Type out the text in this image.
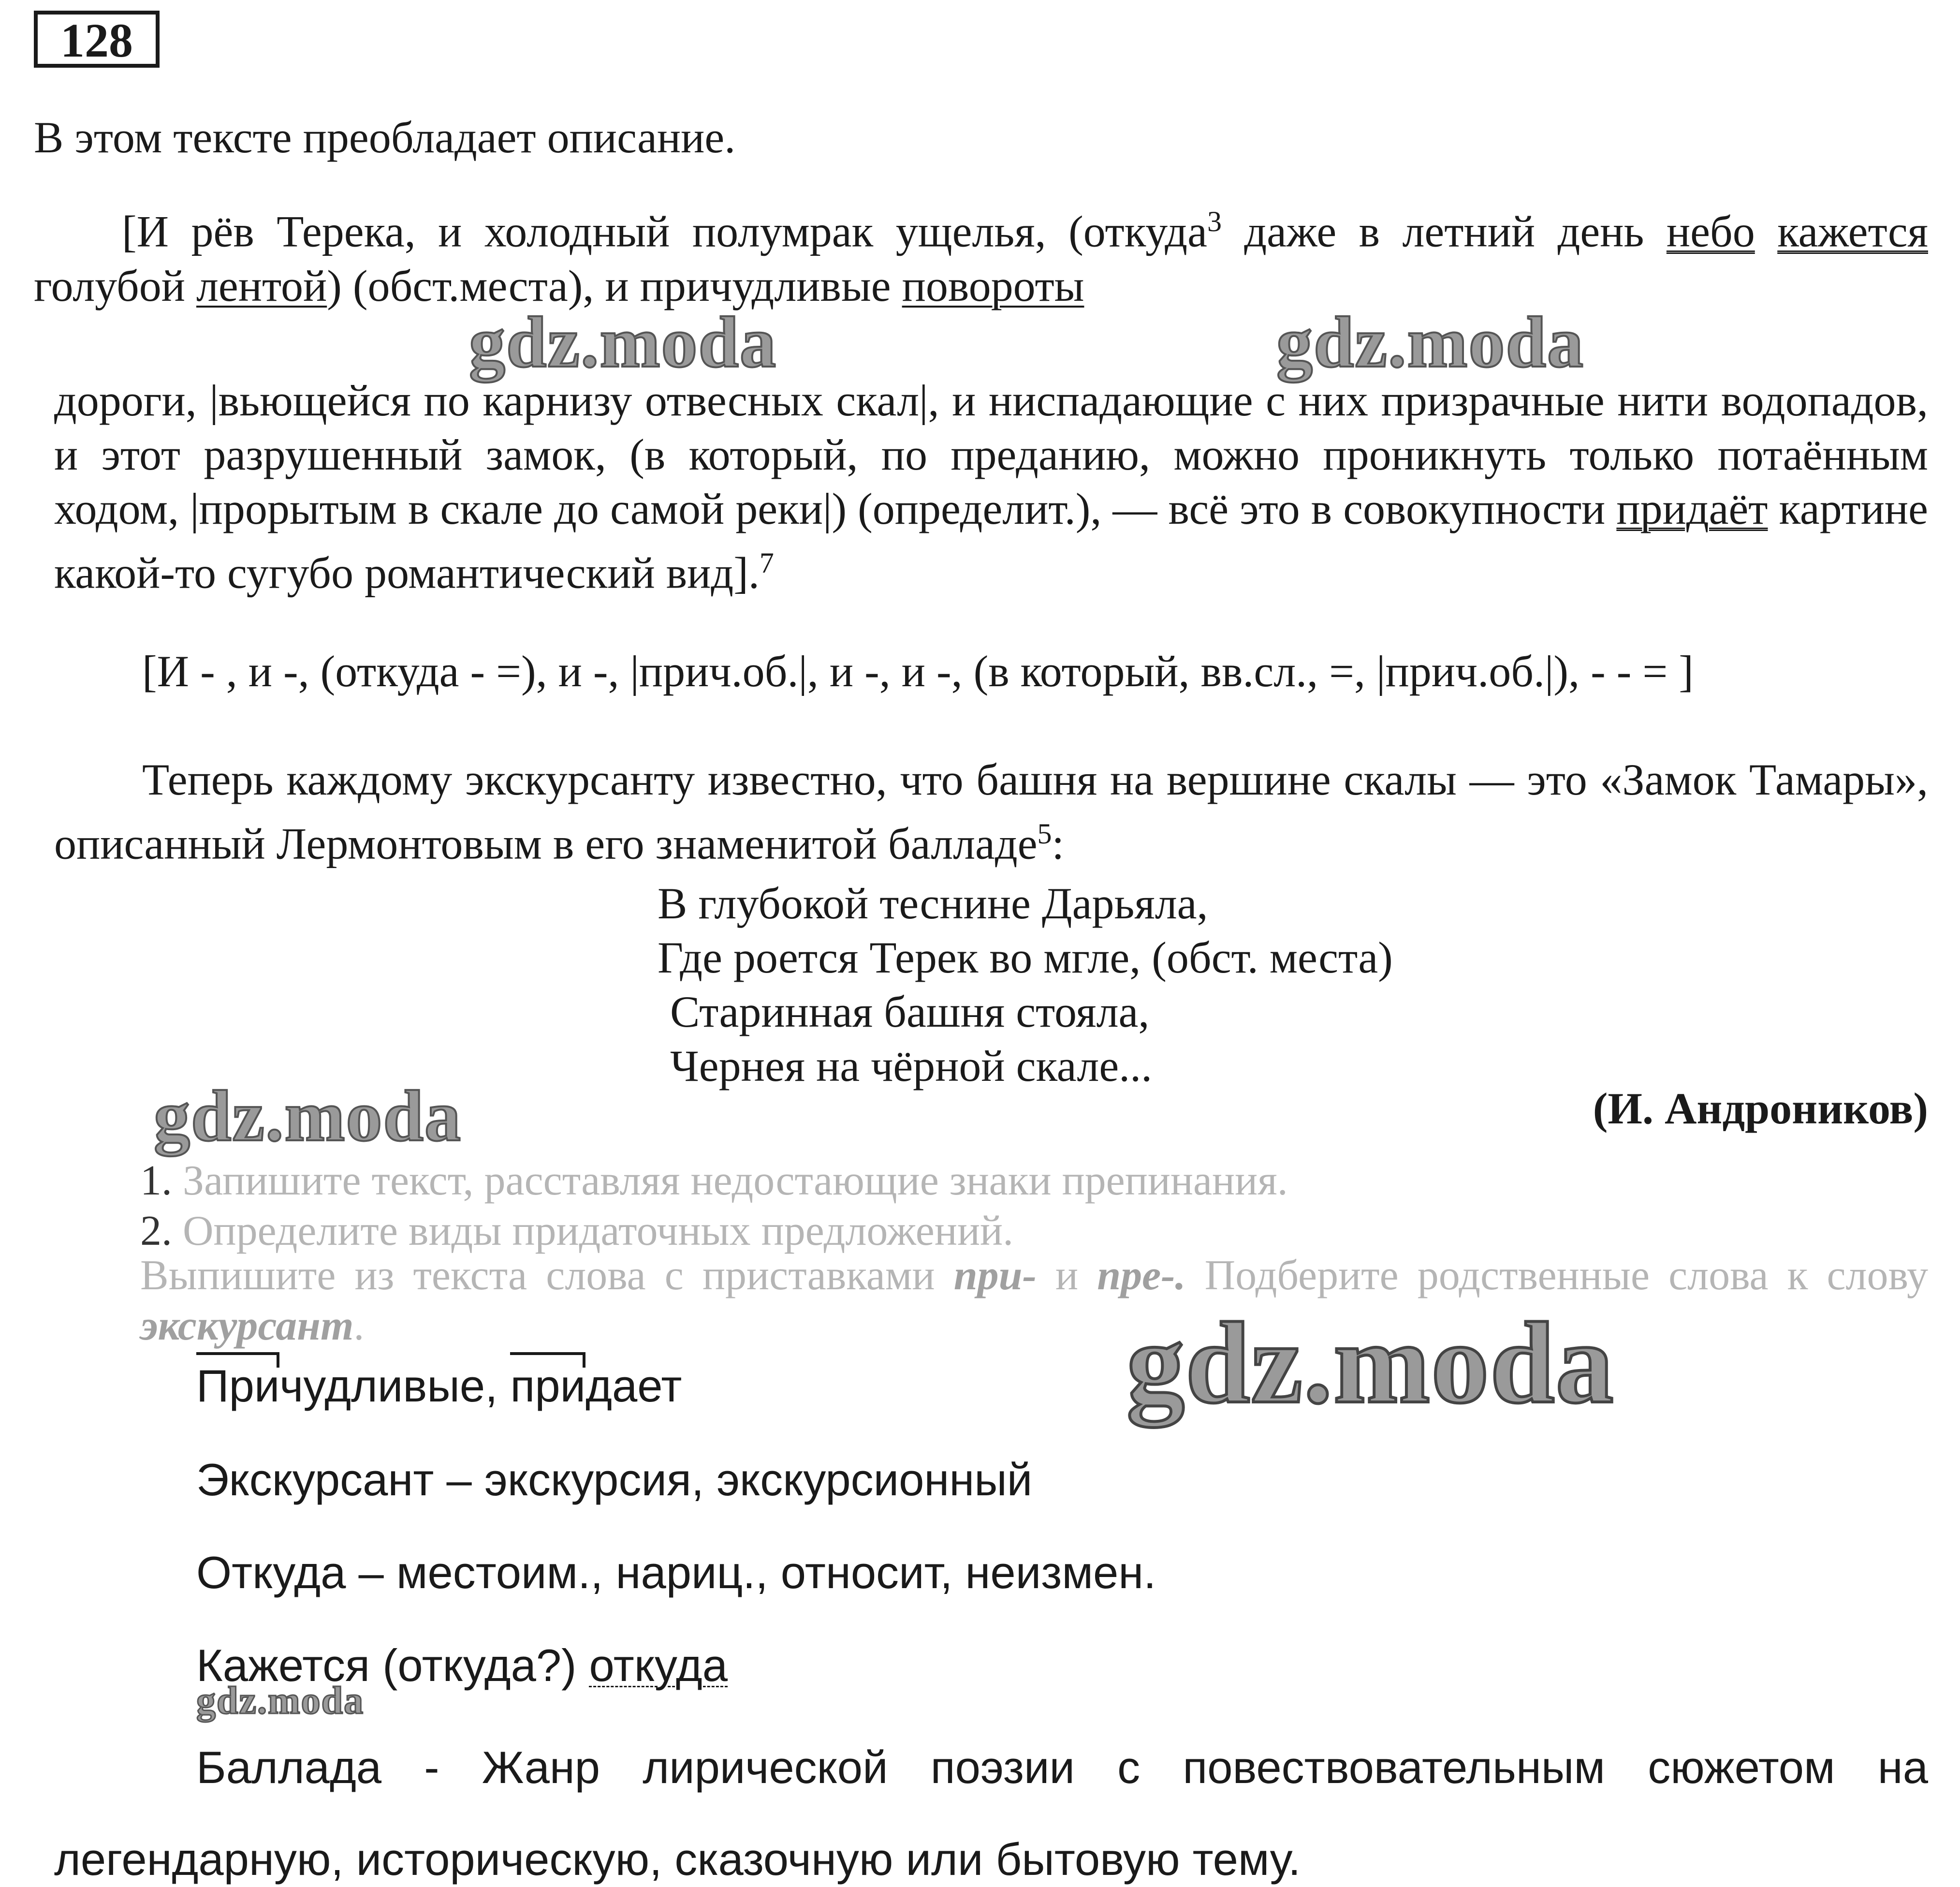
128
В этом тексте преобладает описание.
[И рёв Терека, и холодный полумрак ущелья, (откуда$^3$ даже в летний день небо кажется голубой лентой) (обст.места), и причудливые повороты
дороги, |вьющейся по карнизу отвесных скал|, и ниспадающие с них призрачные нити водопадов, и этот разрушенный замок, (в который, по преданию, можно проникнуть только потаённым ходом, |прорытым в скале до самой реки|) (определит.), — всё это в совокупности придаёт картине какой-то сугубо романтический вид].$^7$
[И - , и -, (откуда - =), и -, |прич.об.|, и -, и -, (в который, вв.сл., =, |прич.об.|), - - = ]
Теперь каждому экскурсанту известно, что башня на вершине скалы — это «Замок Тамары», описанный Лермонтовым в его знаменитой балладе$^5$:
В глубокой теснине Дарьяла,
Где роется Терек во мгле, (обст. места)
Старинная башня стояла,
Чернея на чёрной скале...
(И. Андроников)
1. Запишите текст, расставляя недостающие знаки препинания.
2. Определите виды придаточных предложений.
Выпишите из текста слова с приставками при- и пре-. Подберите родственные слова к слову экскурсант.
Причудливые, придает
Экскурсант – экскурсия, экскурсионный
Откуда – местоим., нариц., относит, неизмен.
Кажется (откуда?) откуда
Баллада - Жанр лирической поэзии с повествовательным сюжетом на легендарную, историческую, сказочную или бытовую тему.
gdz.moda	gdz.moda
gdz.moda
gdz.moda
gdz.moda
